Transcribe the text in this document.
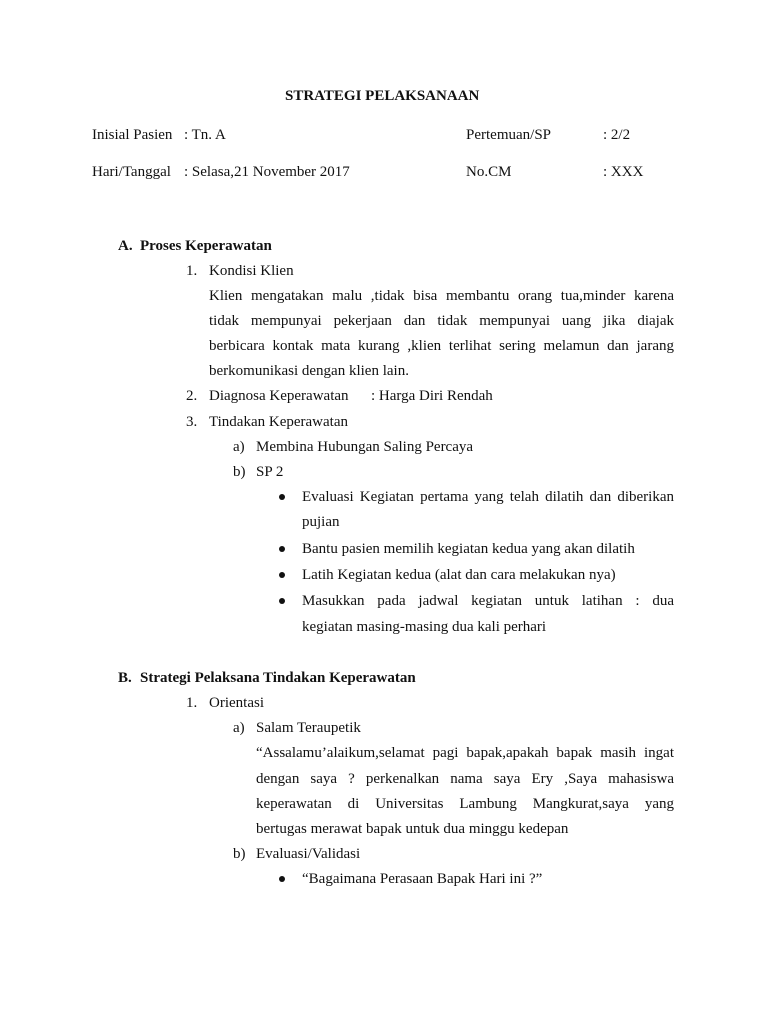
STRATEGI PELAKSANAAN
Inisial Pasien : Tn. A	Pertemuan/SP	: 2/2
Hari/Tanggal : Selasa,21 November 2017	No.CM	: XXX
A. Proses Keperawatan
1. Kondisi Klien
Klien mengatakan malu ,tidak bisa membantu orang tua,minder karena
tidak mempunyai pekerjaan dan tidak mempunyai uang jika diajak
berbicara kontak mata kurang ,klien terlihat sering melamun dan jarang
berkomunikasi dengan klien lain.
2. Diagnosa Keperawatan : Harga Diri Rendah
3. Tindakan Keperawatan
a) Membina Hubungan Saling Percaya
b) SP 2
Evaluasi Kegiatan pertama yang telah dilatih dan diberikan
pujian
Bantu pasien memilih kegiatan kedua yang akan dilatih
Latih Kegiatan kedua (alat dan cara melakukan nya)
Masukkan pada jadwal kegiatan untuk latihan : dua
kegiatan masing-masing dua kali perhari
B. Strategi Pelaksana Tindakan Keperawatan
1. Orientasi
a) Salam Teraupetik
“Assalamu’alaikum,selamat pagi bapak,apakah bapak masih ingat
dengan saya ? perkenalkan nama saya Ery ,Saya mahasiswa
keperawatan di Universitas Lambung Mangkurat,saya yang
bertugas merawat bapak untuk dua minggu kedepan
b) Evaluasi/Validasi
“Bagaimana Perasaan Bapak Hari ini ?”
